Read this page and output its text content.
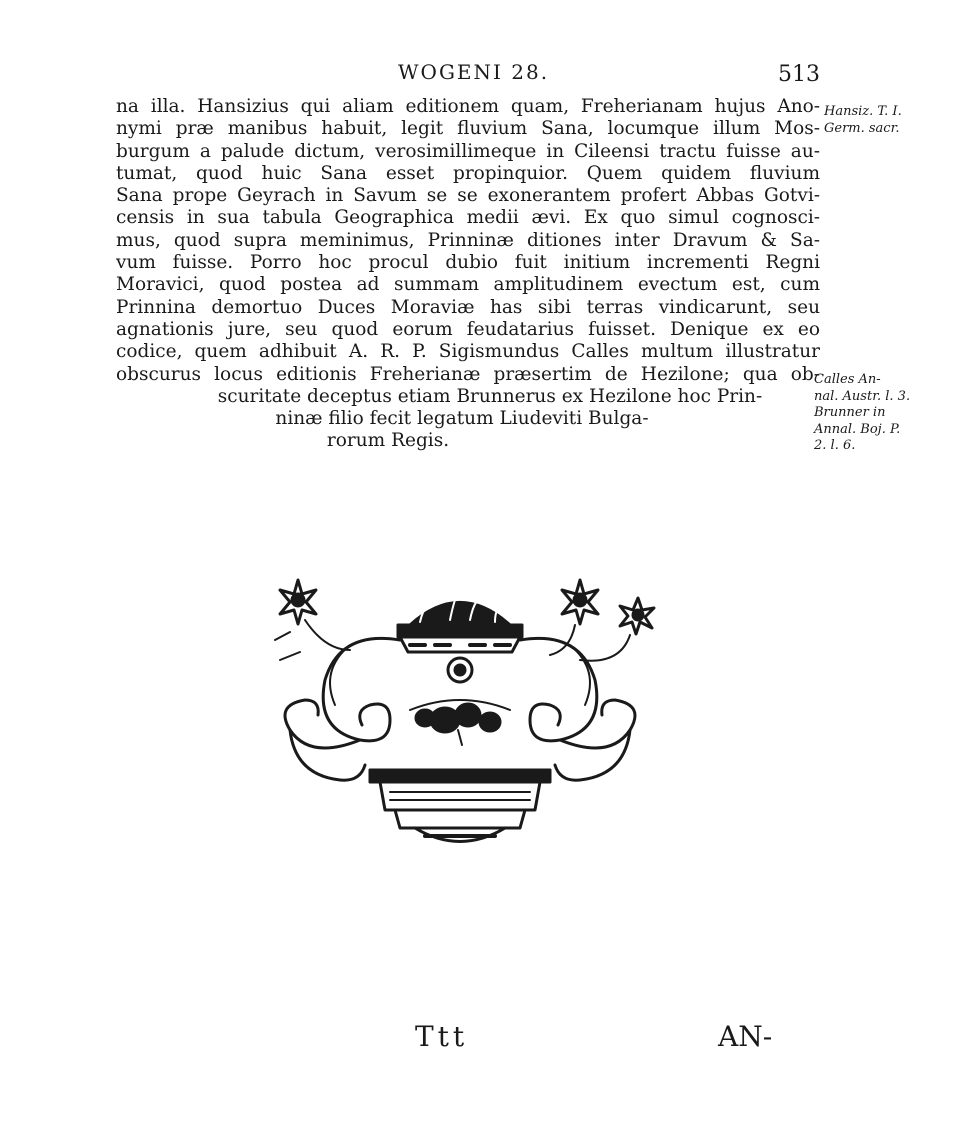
WOGENI 28.	513
na illa. Hansizius qui aliam editionem quam, Freherianam hujus Ano-
nymi præ manibus habuit, legit fluvium Sana, locumque illum Mos-
burgum a palude dictum, verosimillimeque in Cileensi tractu fuisse au-
tumat, quod huic Sana esset propinquior. Quem quidem fluvium
Sana prope Geyrach in Savum se se exonerantem profert Abbas Gotvi-
censis in sua tabula Geographica medii ævi. Ex quo simul cognosci-
mus, quod supra meminimus, Prinninæ ditiones inter Dravum & Sa-
vum fuisse. Porro hoc procul dubio fuit initium incrementi Regni
Moravici, quod postea ad summam amplitudinem evectum est, cum
Prinnina demortuo Duces Moraviæ has sibi terras vindicarunt, seu
agnationis jure, seu quod eorum feudatarius fuisset. Denique ex eo
codice, quem adhibuit A. R. P. Sigismundus Calles multum illustratur
obscurus locus editionis Freherianæ præsertim de Hezilone; qua ob-
scuritate deceptus etiam Brunnerus ex Hezilone hoc Prin-
ninæ filio fecit legatum Liudeviti Bulga-
rorum Regis.
Hansiz. T. I.
Germ. sacr.
Calles An-
nal. Austr. l. 3.
Brunner in
Annal. Boj. P.
2. l. 6.
Ttt	AN-
